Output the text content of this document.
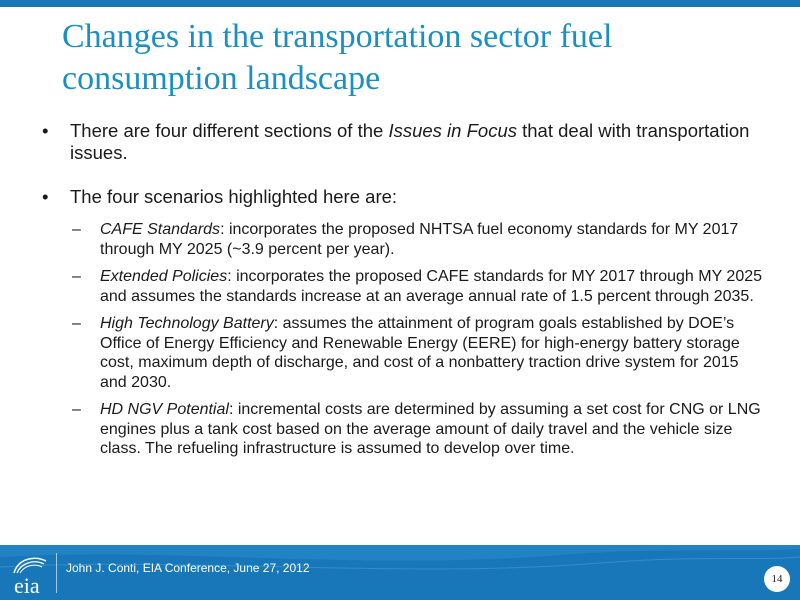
Changes in the transportation sector fuel consumption landscape
• There are four different sections of the Issues in Focus that deal with transportation issues.
• The four scenarios highlighted here are:
– CAFE Standards: incorporates the proposed NHTSA fuel economy standards for MY 2017 through MY 2025 (~3.9 percent per year).
– Extended Policies: incorporates the proposed CAFE standards for MY 2017 through MY 2025 and assumes the standards increase at an average annual rate of 1.5 percent through 2035.
– High Technology Battery: assumes the attainment of program goals established by DOE’s Office of Energy Efficiency and Renewable Energy (EERE) for high-energy battery storage cost, maximum depth of discharge, and cost of a nonbattery traction drive system for 2015 and 2030.
– HD NGV Potential: incremental costs are determined by assuming a set cost for CNG or LNG engines plus a tank cost based on the average amount of daily travel and the vehicle size class. The refueling infrastructure is assumed to develop over time.
eia
John J. Conti, EIA Conference, June 27, 2012
14
